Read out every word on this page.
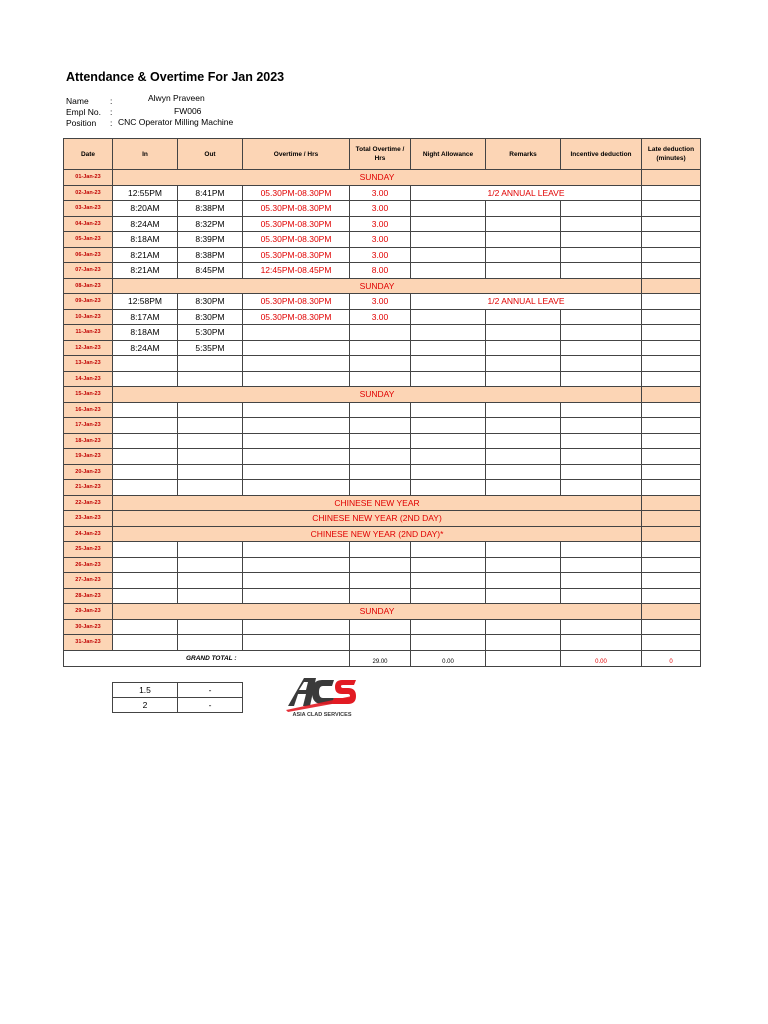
Attendance & Overtime For Jan 2023
Name	:	Alwyn Praveen
Empl No.	:	FW006
Position	: CNC Operator Milling Machine
Date	In	Out	Overtime / Hrs	Total Overtime / Hrs	Night Allowance	Remarks	Incentive deduction	Late deduction (minutes)
01-Jan-23	SUNDAY							
02-Jan-23	12:55PM	8:41PM	05.30PM-08.30PM	3.00	1/2 ANNUAL LEAVE			
03-Jan-23	8:20AM	8:38PM	05.30PM-08.30PM	3.00				
04-Jan-23	8:24AM	8:32PM	05.30PM-08.30PM	3.00				
05-Jan-23	8:18AM	8:39PM	05.30PM-08.30PM	3.00				
06-Jan-23	8:21AM	8:38PM	05.30PM-08.30PM	3.00				
07-Jan-23	8:21AM	8:45PM	12:45PM-08.45PM	8.00				
08-Jan-23	SUNDAY							
09-Jan-23	12:58PM	8:30PM	05.30PM-08.30PM	3.00	1/2 ANNUAL LEAVE			
10-Jan-23	8:17AM	8:30PM	05.30PM-08.30PM	3.00				
11-Jan-23	8:18AM	5:30PM						
12-Jan-23	8:24AM	5:35PM						
13-Jan-23								
14-Jan-23								
15-Jan-23	SUNDAY							
16-Jan-23								
17-Jan-23								
18-Jan-23								
19-Jan-23								
20-Jan-23								
21-Jan-23								
22-Jan-23	CHINESE NEW YEAR							
23-Jan-23	CHINESE NEW YEAR (2ND DAY)							
24-Jan-23	CHINESE NEW YEAR (2ND DAY)*							
25-Jan-23								
26-Jan-23								
27-Jan-23								
28-Jan-23								
29-Jan-23	SUNDAY							
30-Jan-23								
31-Jan-23								
GRAND TOTAL :				29.00	0.00		0.00	0
1.5	-
2	-
ASIA CLAD SERVICES
